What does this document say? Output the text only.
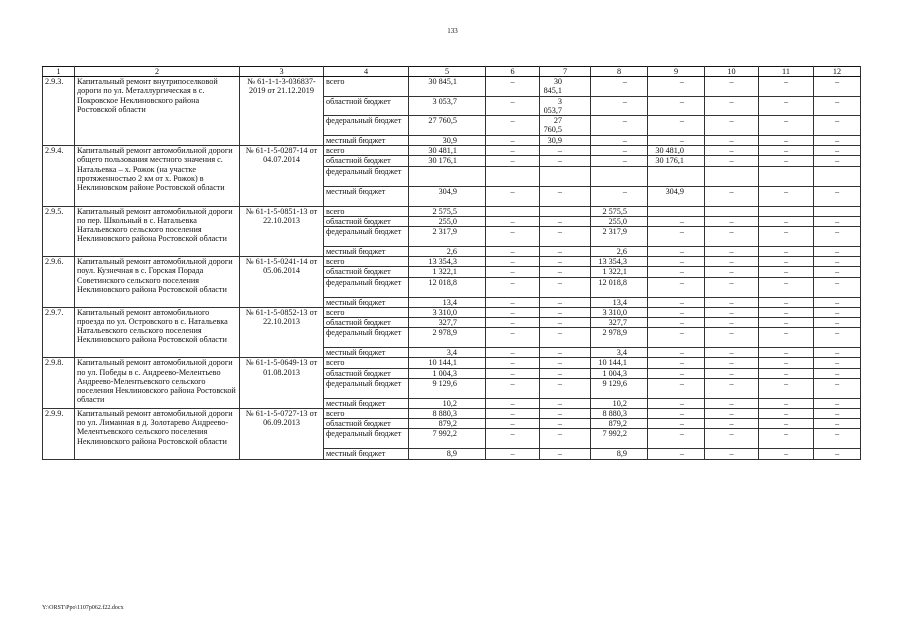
133
1	2	3	4	5	6	7	8	9	10	11	12
2.9.3.	Капитальный ремонт внутрипоселковой дороги по ул. Металлургическая в с. Покровское Неклиновского района Ростовской области	№ 61-1-1-3-036837-2019 от 21.12.2019	всего	30 845,1	–	30 845,1	–	–	–	–	–
			областной бюджет	3 053,7	–	3 053,7	–	–	–	–	–
			федеральный бюджет	27 760,5	–	27 760,5	–	–	–	–	–
			местный бюджет	30,9	–	30,9	–	–	–	–	–
2.9.4.	Капитальный ремонт автомобильной дороги общего пользования местного значения с. Натальевка – х. Рожок (на участке протяженностью 2 км от х. Рожок) в Неклиновском районе Ростовской области	№ 61-1-5-0287-14 от 04.07.2014	всего	30 481,1	–	–	–	30 481,0	–	–	–
			областной бюджет	30 176,1	–	–	–	30 176,1	–	–	–
			федеральный бюджет								
			местный бюджет	304,9	–	–	–	304,9	–	–	–
2.9.5.	Капитальный ремонт автомобильной дороги по пер. Школьный в с. Натальевка Натальевского сельского поселения Неклиновского района Ростовской области	№ 61-1-5-0851-13 от 22.10.2013	всего	2 575,5			2 575,5				
			областной бюджет	255,0	–	–	255,0	–	–	–	–
			федеральный бюджет	2 317,9	–	–	2 317,9	–	–	–	–
			местный бюджет	2,6	–	–	2,6	–	–	–	–
2.9.6.	Капитальный ремонт автомобильной дороги поул. Кузнечная в с. Горская Порада Советинского сельского поселения Неклиновского района Ростовской области	№ 61-1-5-0241-14 от 05.06.2014	всего	13 354,3	–	–	13 354,3	–	–	–	–
			областной бюджет	1 322,1	–	–	1 322,1	–	–	–	–
			федеральный бюджет	12 018,8	–	–	12 018,8	–	–	–	–
			местный бюджет	13,4	–	–	13,4	–	–	–	–
2.9.7.	Капитальный ремонт автомобильного проезда по ул. Островского в с. Натальевка Натальевского сельского поселения Неклиновского района Ростовской области	№ 61-1-5-0852-13 от 22.10.2013	всего	3 310,0	–	–	3 310,0	–	–	–	–
			областной бюджет	327,7	–	–	327,7	–	–	–	–
			федеральный бюджет	2 978,9	–	–	2 978,9	–	–	–	–
			местный бюджет	3,4	–	–	3,4	–	–	–	–
2.9.8.	Капитальный ремонт автомобильной дороги по ул. Победы в с. Андреево-Мелентьево Андреево-Мелентьевского сельского поселения Неклиновского района Ростовской области	№ 61-1-5-0649-13 от 01.08.2013	всего	10 144,1	–	–	10 144,1	–	–	–	–
			областной бюджет	1 004,3	–	–	1 004,3	–	–	–	–
			федеральный бюджет	9 129,6	–	–	9 129,6	–	–	–	–
			местный бюджет	10,2	–	–	10,2	–	–	–	–
2.9.9.	Капитальный ремонт автомобильной дороги по ул. Лиманная в д. Золотарево Андреево-Мелентьевского сельского поселения Неклиновского района Ростовской области	№ 61-1-5-0727-13 от 06.09.2013	всего	8 880,3	–	–	8 880,3	–	–	–	–
			областной бюджет	879,2	–	–	879,2	–	–	–	–
			федеральный бюджет	7 992,2	–	–	7 992,2	–	–	–	–
			местный бюджет	8,9	–	–	8,9	–	–	–	–
Y:\ORST\Ppo\1107p062.f22.docx
